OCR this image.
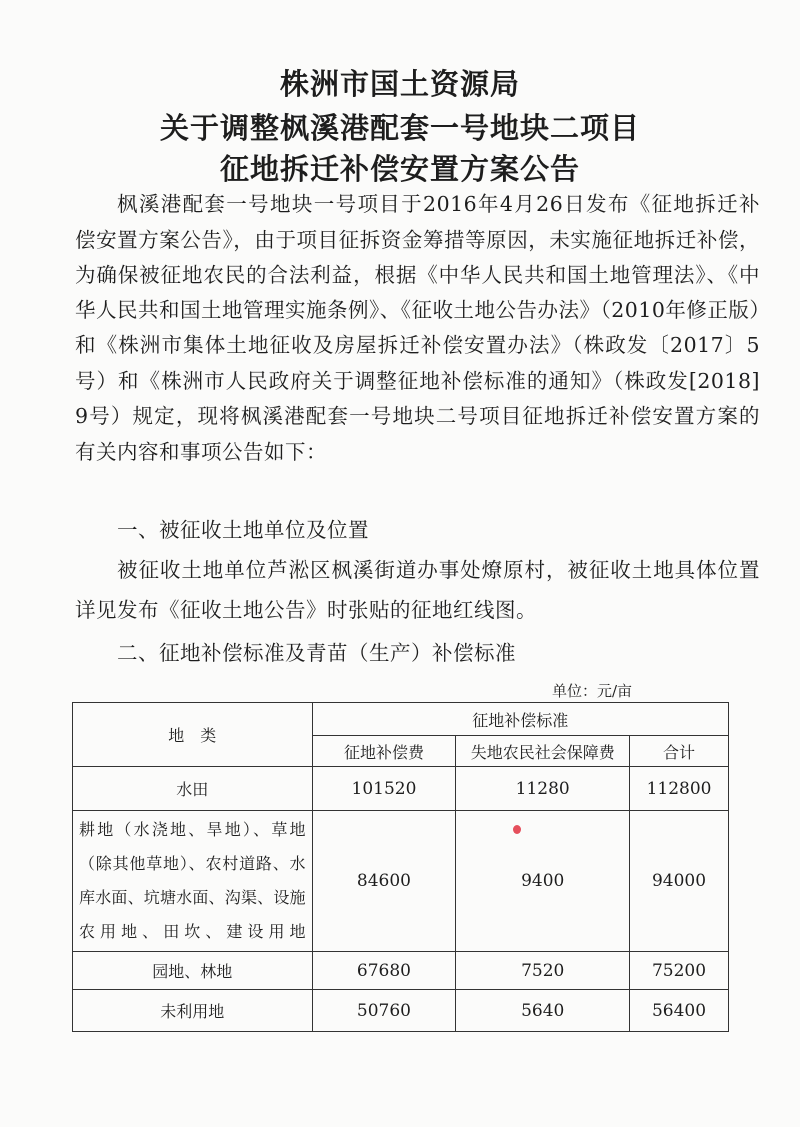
株洲市国土资源局
关于调整枫溪港配套一号地块二项目
征地拆迁补偿安置方案公告
枫溪港配套一号地块一号项目于2016年4月26日发布《征地拆迁补
偿安置方案公告》，由于项目征拆资金筹措等原因，未实施征地拆迁补偿，
为确保被征地农民的合法利益，根据《中华人民共和国土地管理法》、《中
华人民共和国土地管理实施条例》、《征收土地公告办法》（2010年修正版）
和《株洲市集体土地征收及房屋拆迁补偿安置办法》（株政发〔2017〕5
号）和《株洲市人民政府关于调整征地补偿标准的通知》（株政发[2018]
9号）规定，现将枫溪港配套一号地块二号项目征地拆迁补偿安置方案的
有关内容和事项公告如下：
一、被征收土地单位及位置
被征收土地单位芦淞区枫溪街道办事处燎原村，被征收土地具体位置
详见发布《征收土地公告》时张贴的征地红线图。
二、征地补偿标准及青苗（生产）补偿标准
单位：元/亩
地　类	征地补偿标准		
	征地补偿费	失地农民社会保障费	合计
水田	101520	11280	112800
耕地（水浇地、旱地）、草地（除其他草地）、农村道路、水库水面、坑塘水面、沟渠、设施农用地、田坎、建设用地	84600	9400	94000
园地、林地	67680	7520	75200
未利用地	50760	5640	56400
